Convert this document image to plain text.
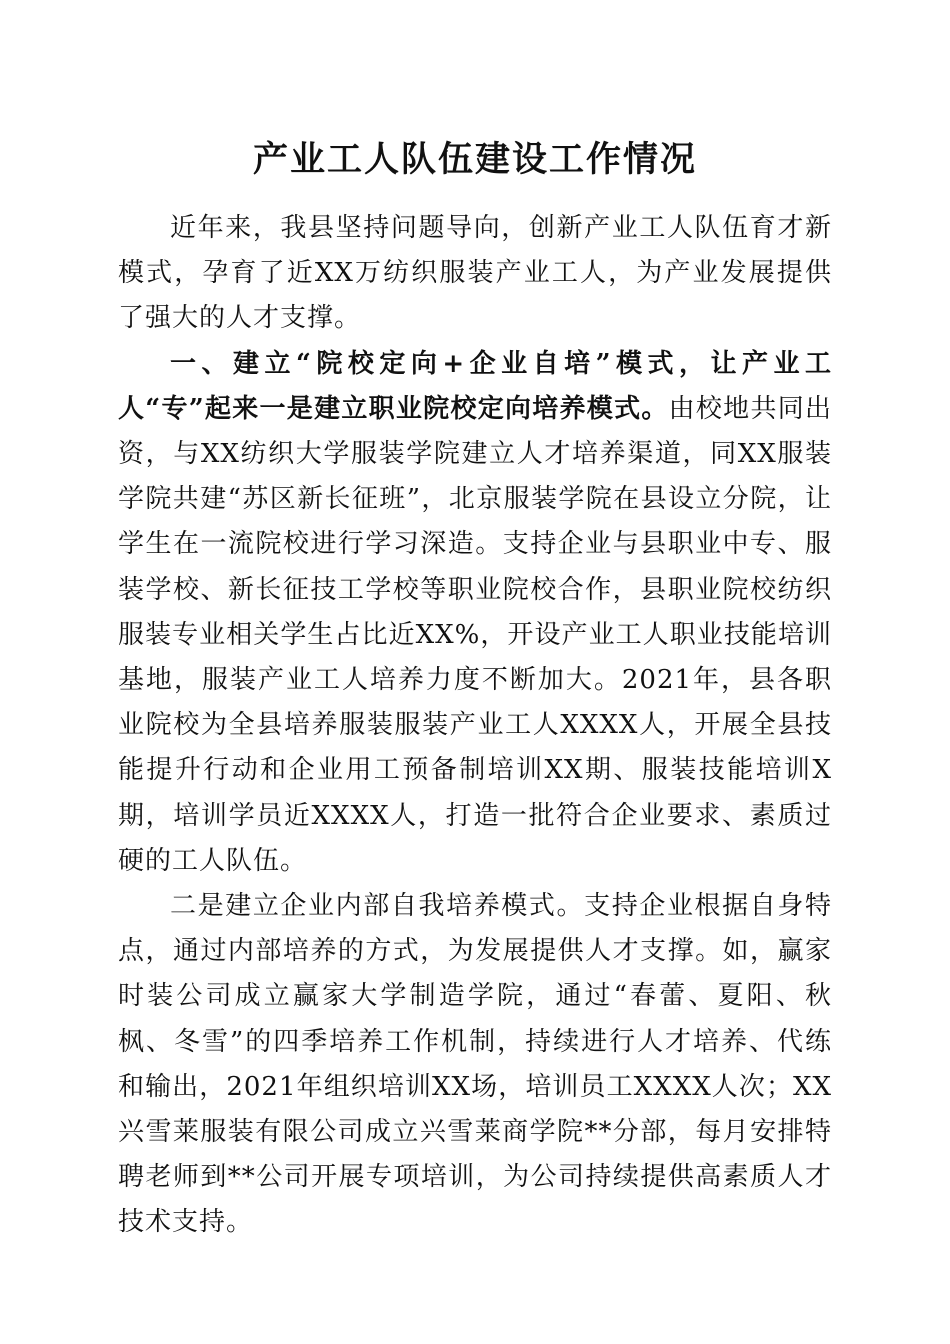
产业工人队伍建设工作情况

近年来，我县坚持问题导向，创新产业工人队伍育才新模式，孕育了近XX万纺织服装产业工人，为产业发展提供了强大的人才支撑。

一、建立“院校定向+企业自培”模式，让产业工人“专”起来一是建立职业院校定向培养模式。由校地共同出资，与XX纺织大学服装学院建立人才培养渠道，同XX服装学院共建“苏区新长征班”，北京服装学院在县设立分院，让学生在一流院校进行学习深造。支持企业与县职业中专、服装学校、新长征技工学校等职业院校合作，县职业院校纺织服装专业相关学生占比近XX%，开设产业工人职业技能培训基地，服装产业工人培养力度不断加大。2021年，县各职业院校为全县培养服装服装产业工人XXXX人，开展全县技能提升行动和企业用工预备制培训XX期、服装技能培训X期，培训学员近XXXX人，打造一批符合企业要求、素质过硬的工人队伍。

二是建立企业内部自我培养模式。支持企业根据自身特点，通过内部培养的方式，为发展提供人才支撑。如，赢家时装公司成立赢家大学制造学院，通过“春蕾、夏阳、秋枫、冬雪”的四季培养工作机制，持续进行人才培养、代练和输出，2021年组织培训XX场，培训员工XXXX人次；XX兴雪莱服装有限公司成立兴雪莱商学院**分部，每月安排特聘老师到**公司开展专项培训，为公司持续提供高素质人才技术支持。
